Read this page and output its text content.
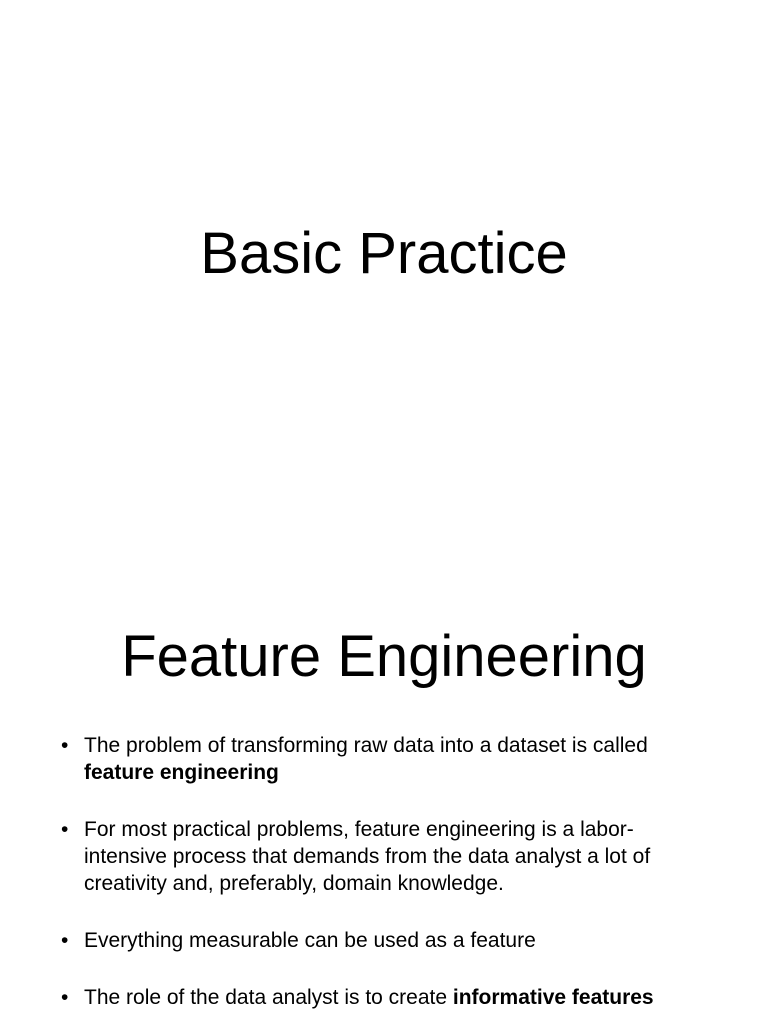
Basic Practice
Feature Engineering
• The problem of transforming raw data into a dataset is called feature engineering
• For most practical problems, feature engineering is a labor-intensive process that demands from the data analyst a lot of creativity and, preferably, domain knowledge.
• Everything measurable can be used as a feature
• The role of the data analyst is to create informative features
